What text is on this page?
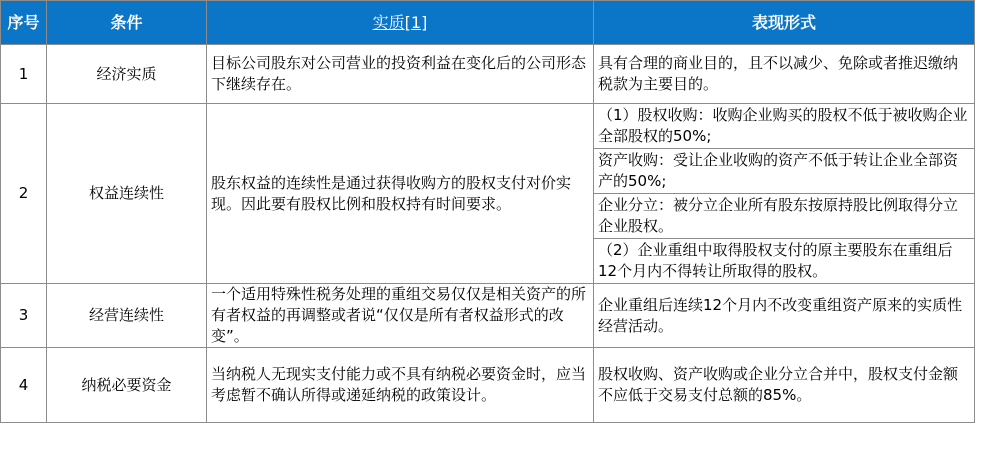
序号	条件	实质[1]	表现形式
1	经济实质	目标公司股东对公司营业的投资利益在变化后的公司形态下继续存在。	具有合理的商业目的，且不以减少、免除或者推迟缴纳税款为主要目的。
2	权益连续性	股东权益的连续性是通过获得收购方的股权支付对价实现。因此要有股权比例和股权持有时间要求。	（1）股权收购：收购企业购买的股权不低于被收购企业全部股权的50%;
			资产收购：受让企业收购的资产不低于转让企业全部资产的50%;
			企业分立：被分立企业所有股东按原持股比例取得分立企业股权。
			（2）企业重组中取得股权支付的原主要股东在重组后12个月内不得转让所取得的股权。
3	经营连续性	一个适用特殊性税务处理的重组交易仅仅是相关资产的所有者权益的再调整或者说“仅仅是所有者权益形式的改变”。	企业重组后连续12个月内不改变重组资产原来的实质性经营活动。
4	纳税必要资金	当纳税人无现实支付能力或不具有纳税必要资金时，应当考虑暂不确认所得或递延纳税的政策设计。	股权收购、资产收购或企业分立合并中，股权支付金额不应低于交易支付总额的85%。
